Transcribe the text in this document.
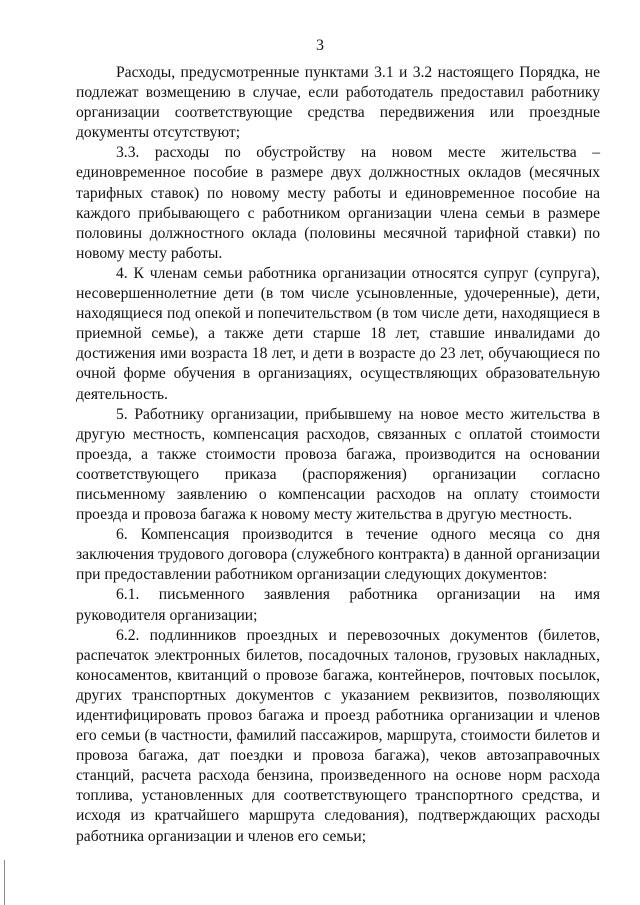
3

Расходы, предусмотренные пунктами 3.1 и 3.2 настоящего Порядка, не подлежат возмещению в случае, если работодатель предоставил работнику организации соответствующие средства передвижения или проездные документы отсутствуют;

3.3. расходы по обустройству на новом месте жительства – единовременное пособие в размере двух должностных окладов (месячных тарифных ставок) по новому месту работы и единовременное пособие на каждого прибывающего с работником организации члена семьи в размере половины должностного оклада (половины месячной тарифной ставки) по новому месту работы.

4. К членам семьи работника организации относятся супруг (супруга), несовершеннолетние дети (в том числе усыновленные, удочеренные), дети, находящиеся под опекой и попечительством (в том числе дети, находящиеся в приемной семье), а также дети старше 18 лет, ставшие инвалидами до достижения ими возраста 18 лет, и дети в возрасте до 23 лет, обучающиеся по очной форме обучения в организациях, осуществляющих образовательную деятельность.

5. Работнику организации, прибывшему на новое место жительства в другую местность, компенсация расходов, связанных с оплатой стоимости проезда, а также стоимости провоза багажа, производится на основании соответствующего приказа (распоряжения) организации согласно письменному заявлению о компенсации расходов на оплату стоимости проезда и провоза багажа к новому месту жительства в другую местность.

6. Компенсация производится в течение одного месяца со дня заключения трудового договора (служебного контракта) в данной организации при предоставлении работником организации следующих документов:

6.1. письменного заявления работника организации на имя руководителя организации;

6.2. подлинников проездных и перевозочных документов (билетов, распечаток электронных билетов, посадочных талонов, грузовых накладных, коносаментов, квитанций о провозе багажа, контейнеров, почтовых посылок, других транспортных документов с указанием реквизитов, позволяющих идентифицировать провоз багажа и проезд работника организации и членов его семьи (в частности, фамилий пассажиров, маршрута, стоимости билетов и провоза багажа, дат поездки и провоза багажа), чеков автозаправочных станций, расчета расхода бензина, произведенного на основе норм расхода топлива, установленных для соответствующего транспортного средства, и исходя из кратчайшего маршрута следования), подтверждающих расходы работника организации и членов его семьи;
